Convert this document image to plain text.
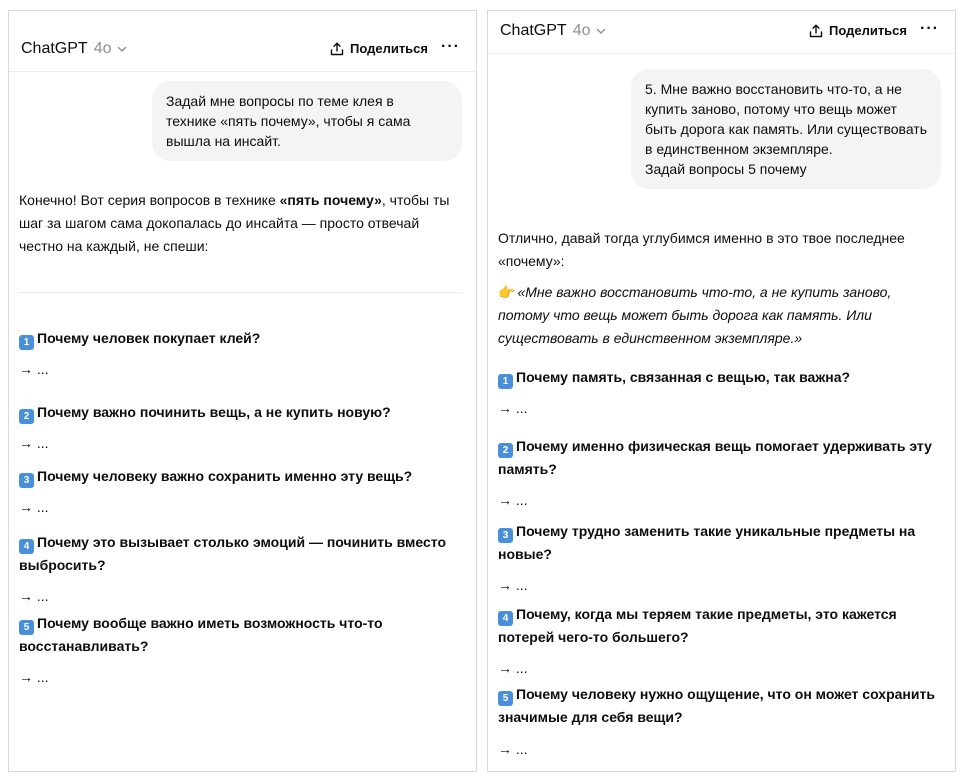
ChatGPT 4o	Поделиться ···
Задай мне вопросы по теме клея в технике «пять почему», чтобы я сама вышла на инсайт.
Конечно! Вот серия вопросов в технике «пять почему», чтобы ты шаг за шагом сама докопалась до инсайта — просто отвечай честно на каждый, не спеши:
1 Почему человек покупает клей?
→ ...
2 Почему важно починить вещь, а не купить новую?
→ ...
3 Почему человеку важно сохранить именно эту вещь?
→ ...
4 Почему это вызывает столько эмоций — починить вместо выбросить?
→ ...
5 Почему вообще важно иметь возможность что-то восстанавливать?
→ ...
ChatGPT 4o	Поделиться ···
5. Мне важно восстановить что-то, а не купить заново, потому что вещь может быть дорога как память. Или существовать в единственном экземпляре.
Задай вопросы 5 почему
Отлично, давай тогда углубимся именно в это твое последнее «почему»:
👉 «Мне важно восстановить что-то, а не купить заново, потому что вещь может быть дорога как память. Или существовать в единственном экземпляре.»
1 Почему память, связанная с вещью, так важна?
→ ...
2 Почему именно физическая вещь помогает удерживать эту память?
→ ...
3 Почему трудно заменить такие уникальные предметы на новые?
→ ...
4 Почему, когда мы теряем такие предметы, это кажется потерей чего-то большего?
→ ...
5 Почему человеку нужно ощущение, что он может сохранить значимые для себя вещи?
→ ...
